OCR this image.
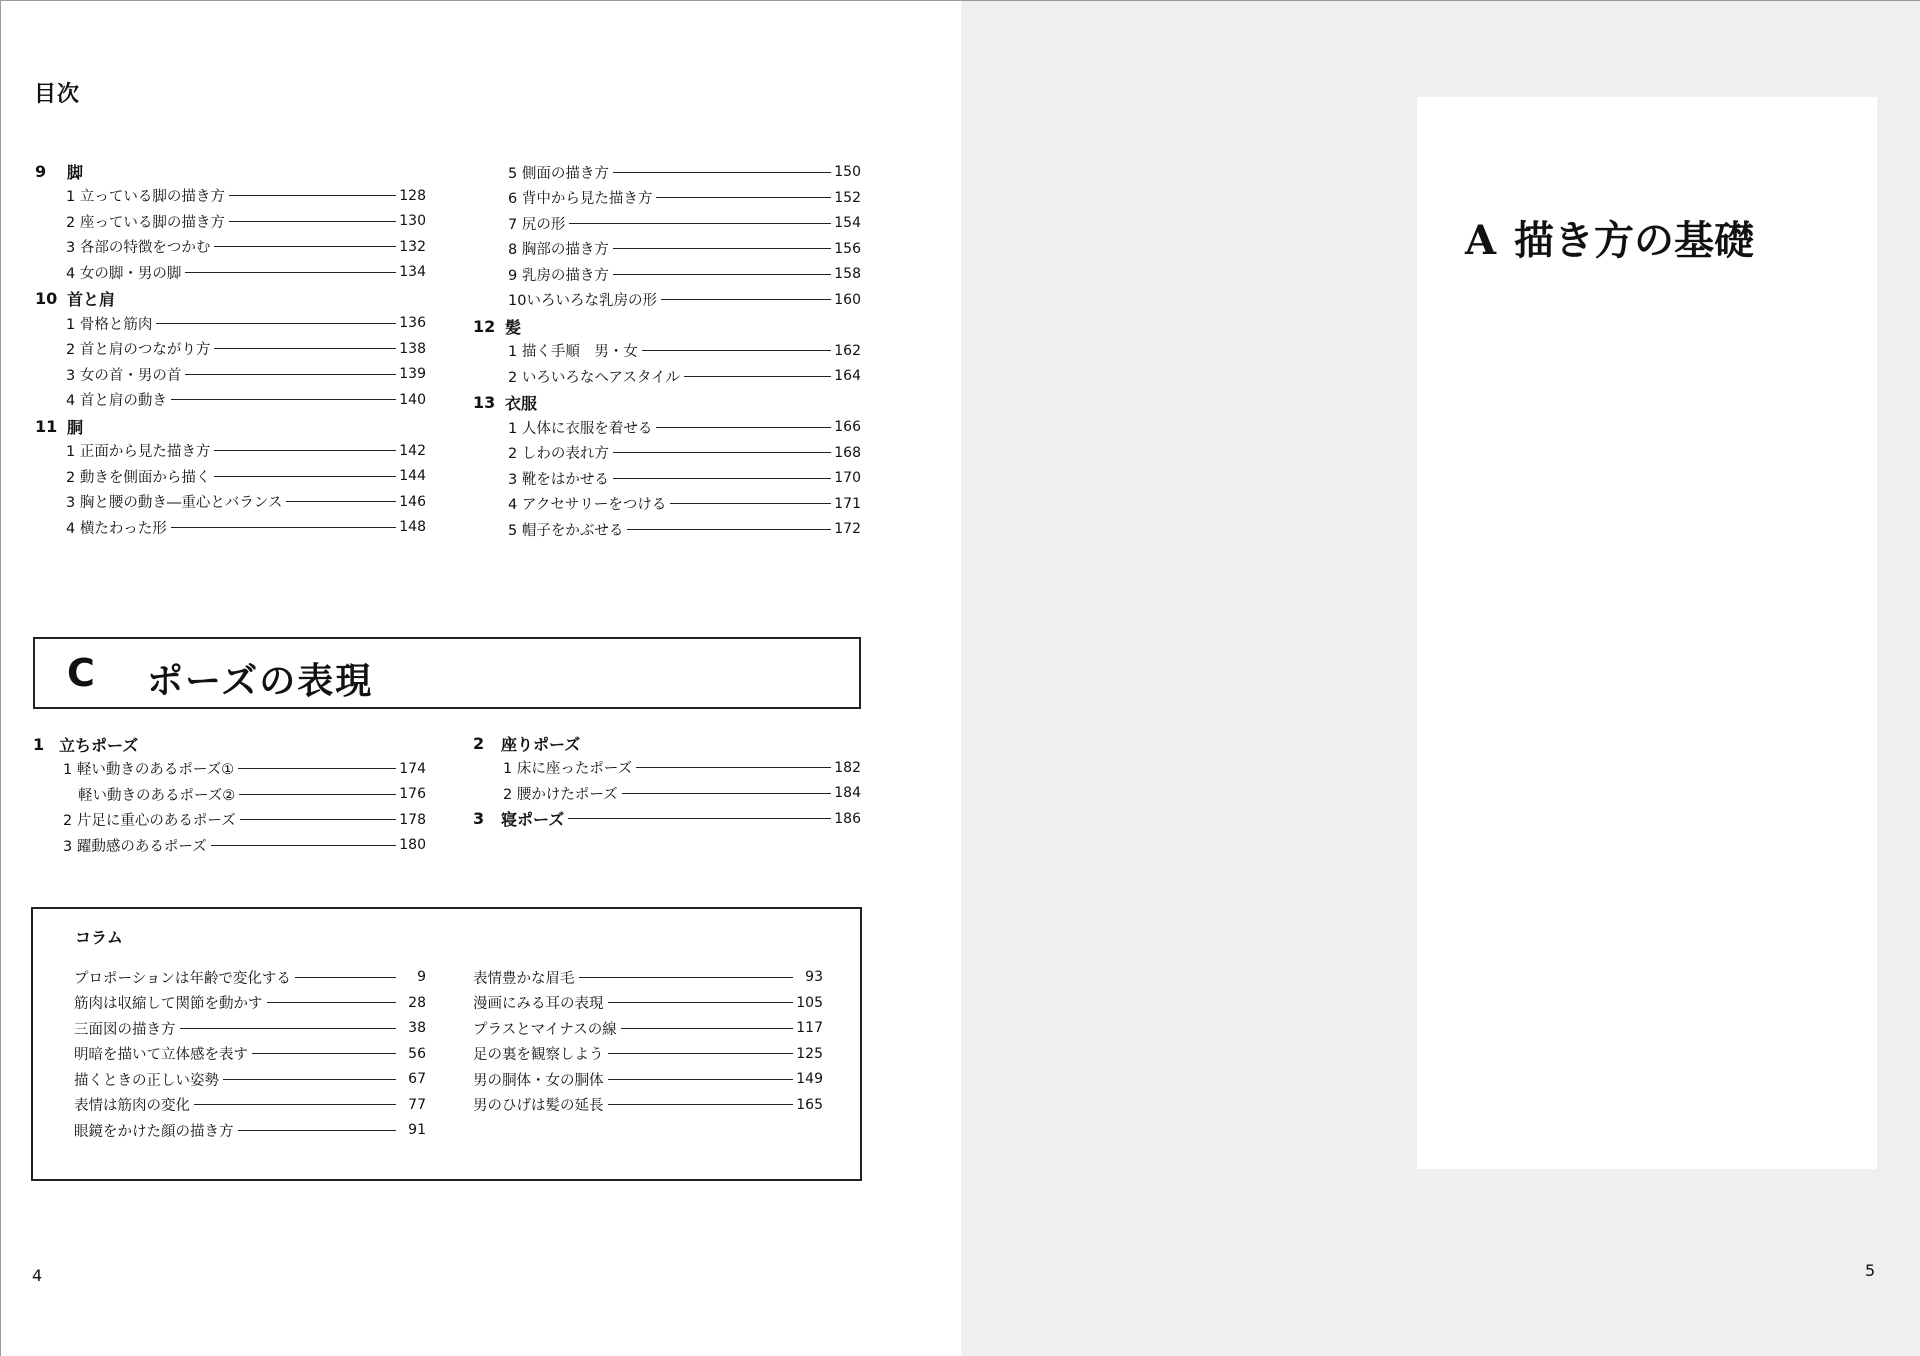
目次
9	脚
1 立っている脚の描き方	128
2 座っている脚の描き方	130
3 各部の特徴をつかむ	132
4 女の脚・男の脚	134
10 首と肩
1 骨格と筋肉	136
2 首と肩のつながり方	138
3 女の首・男の首	139
4 首と肩の動き	140
11 胴
1 正面から見た描き方	142
2 動きを側面から描く	144
3 胸と腰の動き―重心とバランス	146
4 横たわった形	148
5 側面の描き方	150
6 背中から見た描き方	152
7 尻の形	154
8 胸部の描き方	156
9 乳房の描き方	158
10いろいろな乳房の形	160
12 髪
1 描く手順　男・女	162
2 いろいろなヘアスタイル	164
13 衣服
1 人体に衣服を着せる	166
2 しわの表れ方	168
3 靴をはかせる	170
4 アクセサリーをつける	171
5 帽子をかぶせる	172
C ポーズの表現
1 立ちポーズ
1 軽い動きのあるポーズ①	174
軽い動きのあるポーズ②	176
2 片足に重心のあるポーズ	178
3 躍動感のあるポーズ	180
2	座りポーズ
1 床に座ったポーズ	182
2 腰かけたポーズ	184
3	寝ポーズ	186
コラム
プロポーションは年齢で変化する	9
筋肉は収縮して関節を動かす	28
三面図の描き方	38
明暗を描いて立体感を表す	56
描くときの正しい姿勢	67
表情は筋肉の変化	77
眼鏡をかけた顔の描き方	91
表情豊かな眉毛	93
漫画にみる耳の表現	105
プラスとマイナスの線	117
足の裏を観察しよう	125
男の胴体・女の胴体	149
男のひげは髪の延長	165
4
A 描き方の基礎
5
